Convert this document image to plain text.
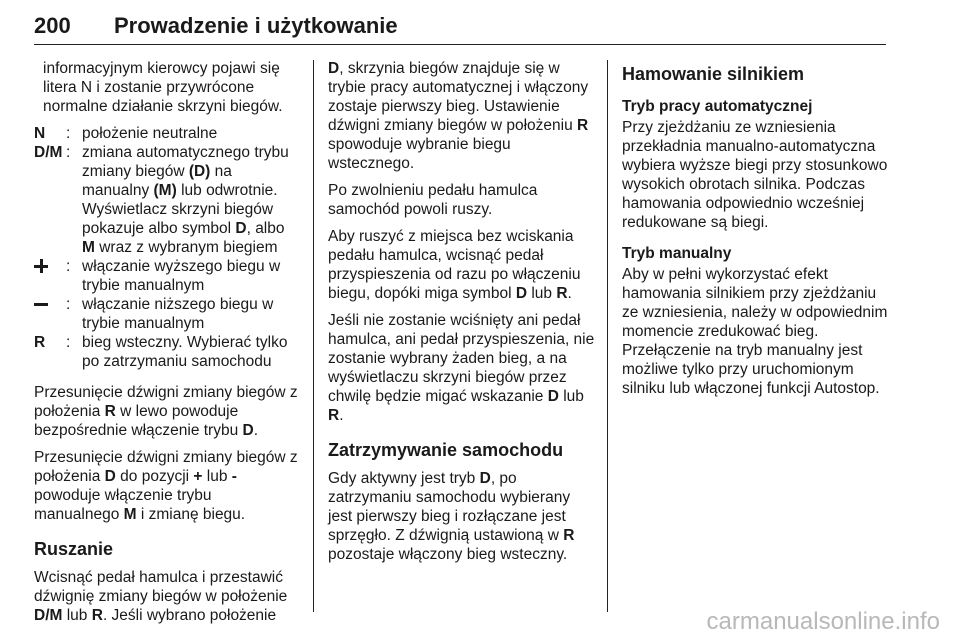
200 Prowadzenie i użytkowanie

informacyjnym kierowcy pojawi się litera N i zostanie przywrócone normalne działanie skrzyni biegów.

N	: położenie neutralne
D/M : zmiana automatycznego trybu zmiany biegów (D) na manualny (M) lub odwrotnie. Wyświetlacz skrzyni biegów pokazuje albo symbol D, albo M wraz z wybranym biegiem
: włączanie wyższego biegu w trybie manualnym
: włączanie niższego biegu w trybie manualnym
R	: bieg wsteczny. Wybierać tylko po zatrzymaniu samochodu

Przesunięcie dźwigni zmiany biegów z położenia R w lewo powoduje bezpośrednie włączenie trybu D.

Przesunięcie dźwigni zmiany biegów z położenia D do pozycji + lub - powoduje włączenie trybu manualnego M i zmianę biegu.

Ruszanie

Wcisnąć pedał hamulca i przestawić dźwignię zmiany biegów w położenie D/M lub R. Jeśli wybrano położenie

D, skrzynia biegów znajduje się w trybie pracy automatycznej i włączony zostaje pierwszy bieg. Ustawienie dźwigni zmiany biegów w położeniu R spowoduje wybranie biegu wstecznego.

Po zwolnieniu pedału hamulca samochód powoli ruszy.

Aby ruszyć z miejsca bez wciskania pedału hamulca, wcisnąć pedał przyspieszenia od razu po włączeniu biegu, dopóki miga symbol D lub R.

Jeśli nie zostanie wciśnięty ani pedał hamulca, ani pedał przyspieszenia, nie zostanie wybrany żaden bieg, a na wyświetlaczu skrzyni biegów przez chwilę będzie migać wskazanie D lub R.

Zatrzymywanie samochodu

Gdy aktywny jest tryb D, po zatrzymaniu samochodu wybierany jest pierwszy bieg i rozłączane jest sprzęgło. Z dźwignią ustawioną w R pozostaje włączony bieg wsteczny.

Hamowanie silnikiem
Tryb pracy automatycznej

Przy zjeżdżaniu ze wzniesienia przekładnia manualno-automatyczna wybiera wyższe biegi przy stosunkowo wysokich obrotach silnika. Podczas hamowania odpowiednio wcześniej redukowane są biegi.

Tryb manualny

Aby w pełni wykorzystać efekt hamowania silnikiem przy zjeżdżaniu ze wzniesienia, należy w odpowiednim momencie zredukować bieg. Przełączenie na tryb manualny jest możliwe tylko przy uruchomionym silniku lub włączonej funkcji Autostop.

carmanualsonline.info
